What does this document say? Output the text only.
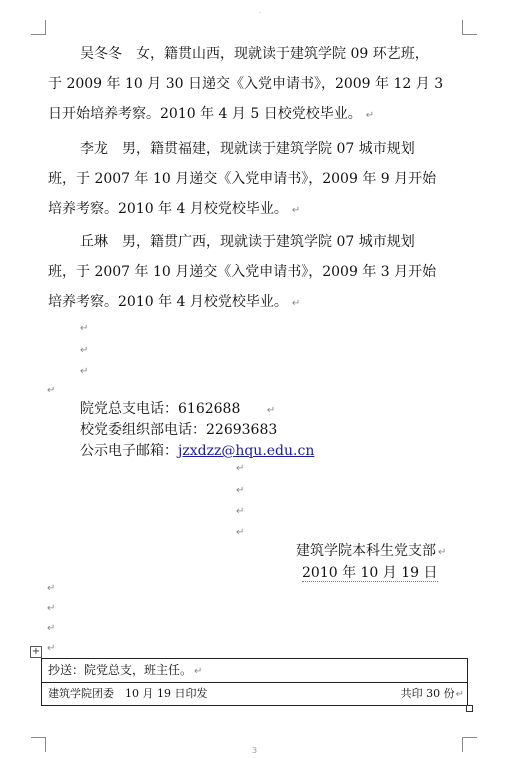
·
吴冬冬　女，籍贯山西，现就读于建筑学院 09 环艺班，
于 2009 年 10 月 30 日递交《入党申请书》，2009 年 12 月 3
日开始培养考察。2010 年 4 月 5 日校党校毕业。 ↵
李龙　男，籍贯福建，现就读于建筑学院 07 城市规划
班，于 2007 年 10 月递交《入党申请书》，2009 年 9 月开始
培养考察。2010 年 4 月校党校毕业。 ↵
丘琳　男，籍贯广西，现就读于建筑学院 07 城市规划
班，于 2007 年 10 月递交《入党申请书》，2009 年 3 月开始
培养考察。2010 年 4 月校党校毕业。 ↵
↵
↵
↵
↵
院党总支电话：6162688	↵
校党委组织部电话：22693683
公示电子邮箱：jzxdzz@hqu.edu.cn
↵
↵
↵
↵
建筑学院本科生党支部 ↵
2010 年 10 月 19 日
↵
↵
↵
↵
+
抄送：院党总支，班主任。 ↵
建筑学院团委　10 月 19 日印发	共印 30 份↵
3
